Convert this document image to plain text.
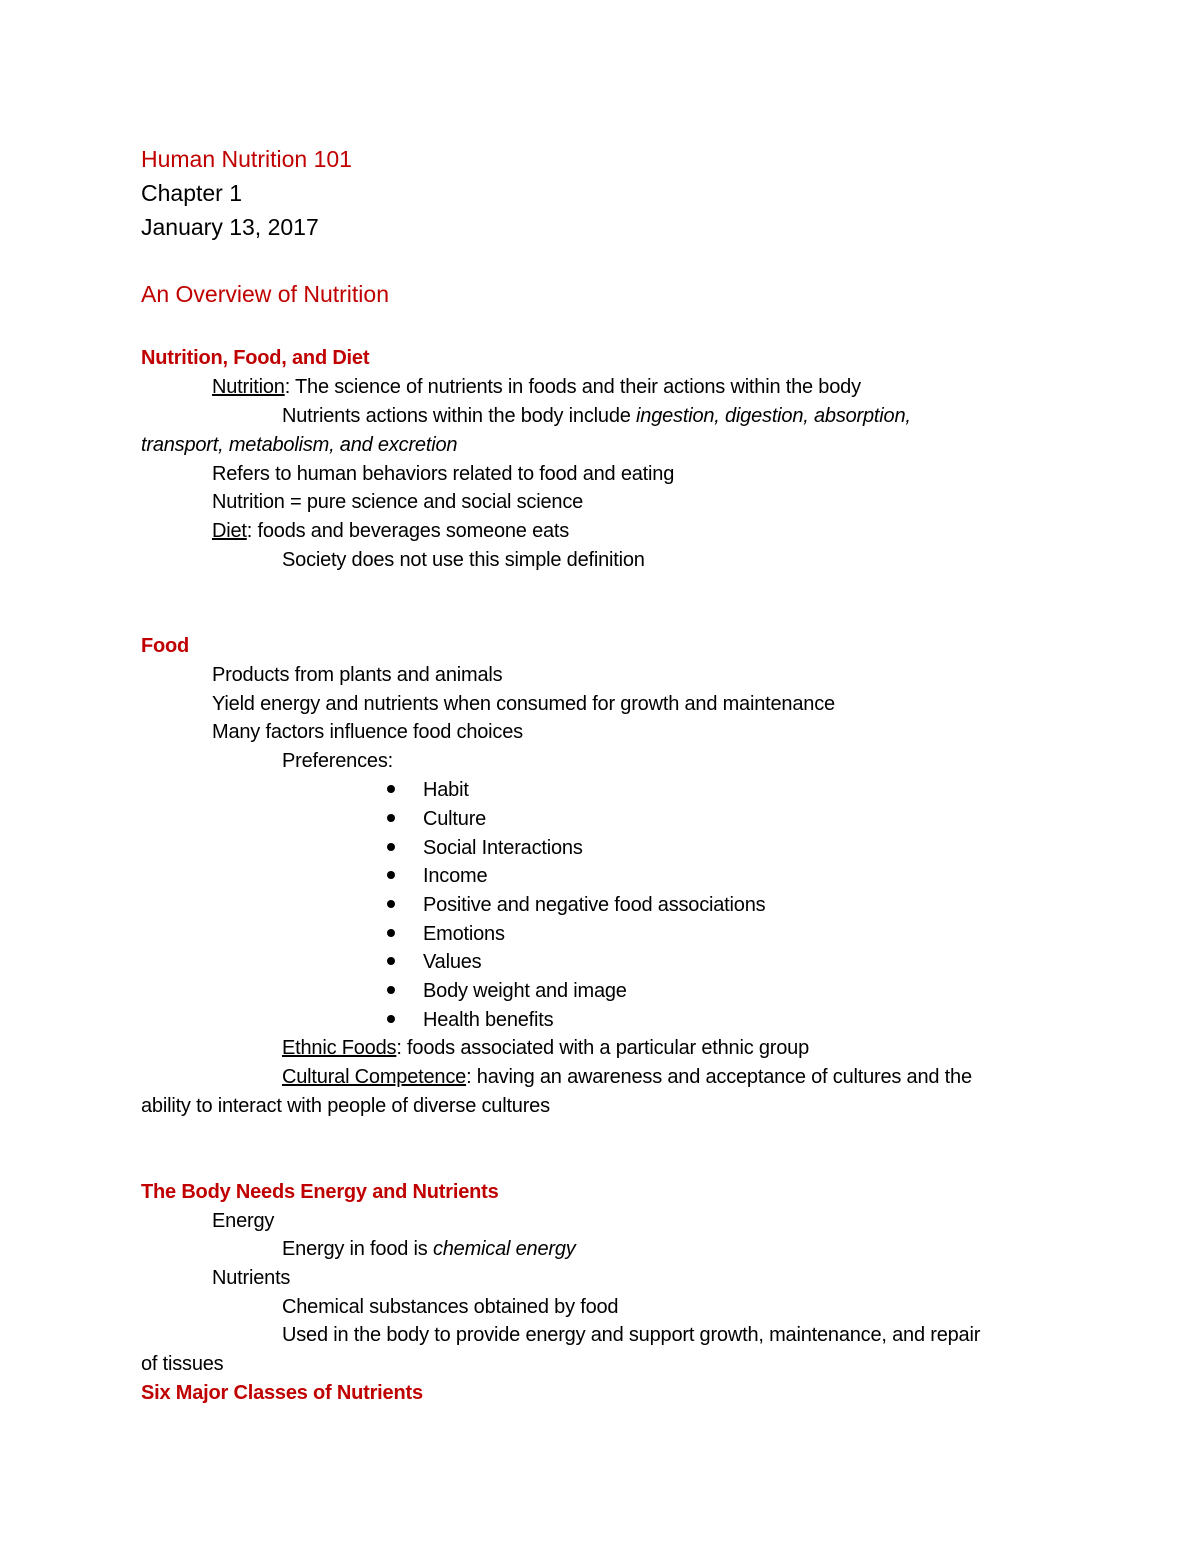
Human Nutrition 101
Chapter 1
January 13, 2017
An Overview of Nutrition
Nutrition, Food, and Diet
Nutrition: The science of nutrients in foods and their actions within the body
Nutrients actions within the body include ingestion, digestion, absorption,
transport, metabolism, and excretion
Refers to human behaviors related to food and eating
Nutrition = pure science and social science
Diet: foods and beverages someone eats
Society does not use this simple definition
Food
Products from plants and animals
Yield energy and nutrients when consumed for growth and maintenance
Many factors influence food choices
Preferences:
Habit
Culture
Social Interactions
Income
Positive and negative food associations
Emotions
Values
Body weight and image
Health benefits
Ethnic Foods: foods associated with a particular ethnic group
Cultural Competence: having an awareness and acceptance of cultures and the
ability to interact with people of diverse cultures
The Body Needs Energy and Nutrients
Energy
Energy in food is chemical energy
Nutrients
Chemical substances obtained by food
Used in the body to provide energy and support growth, maintenance, and repair
of tissues
Six Major Classes of Nutrients
